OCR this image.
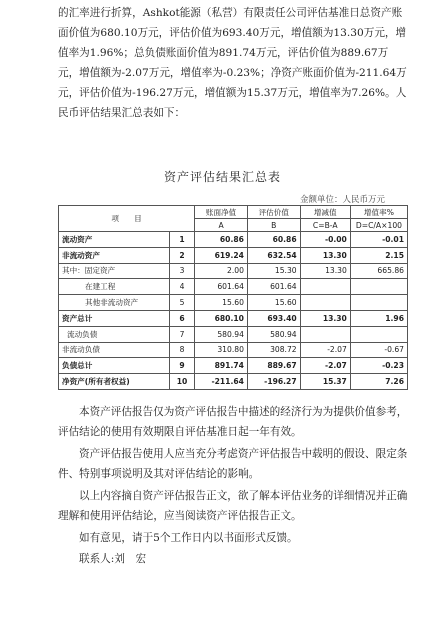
的汇率进行折算，Ashkot能源（私营）有限责任公司评估基准日总资产账面价值为680.10万元，评估价值为693.40万元，增值额为13.30万元，增值率为1.96%；总负债账面价值为891.74万元，评估价值为889.67万元，增值额为-2.07万元，增值率为-0.23%；净资产账面价值为-211.64万元，评估价值为-196.27万元，增值额为15.37万元，增值率为7.26%。人民币评估结果汇总表如下：

资产评估结果汇总表

金额单位：人民币万元
项　　目		账面净值	评估价值	增减值	增值率%
		A	B	C=B-A	D=C/A×100
流动资产	1	60.86	60.86	-0.00	-0.01
非流动资产	2	619.24	632.54	13.30	2.15
其中：固定资产	3	2.00	15.30	13.30	665.86
在建工程	4	601.64	601.64		
其他非流动资产	5	15.60	15.60		
资产总计	6	680.10	693.40	13.30	1.96
流动负债	7	580.94	580.94		
非流动负债	8	310.80	308.72	-2.07	-0.67
负债总计	9	891.74	889.67	-2.07	-0.23
净资产(所有者权益)	10	-211.64	-196.27	15.37	7.26

本资产评估报告仅为资产评估报告中描述的经济行为为提供价值参考，评估结论的使用有效期限自评估基准日起一年有效。

资产评估报告使用人应当充分考虑资产评估报告中载明的假设、限定条件、特别事项说明及其对评估结论的影响。

以上内容摘自资产评估报告正文，欲了解本评估业务的详细情况并正确理解和使用评估结论，应当阅读资产评估报告正文。

如有意见，请于5个工作日内以书面形式反馈。

联系人:刘　宏
